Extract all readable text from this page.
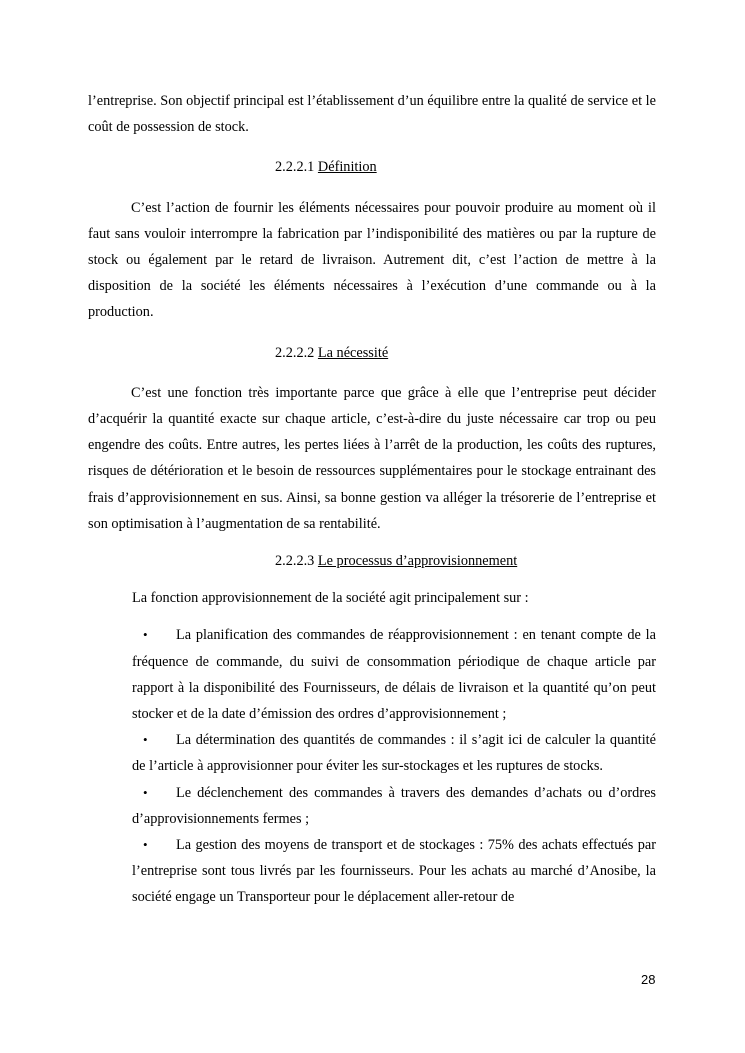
l’entreprise. Son objectif principal est l’établissement d’un équilibre entre la qualité de service et le coût de possession de stock.

2.2.2.1 Définition

C’est l’action de fournir les éléments nécessaires pour pouvoir produire au moment où il faut sans vouloir interrompre la fabrication par l’indisponibilité des matières ou par la rupture de stock ou également par le retard de livraison. Autrement dit, c’est l’action de mettre à la disposition de la société les éléments nécessaires à l’exécution d’une commande ou à la production.

2.2.2.2 La nécessité

C’est une fonction très importante parce que grâce à elle que l’entreprise peut décider d’acquérir la quantité exacte sur chaque article, c’est-à-dire du juste nécessaire car trop ou peu engendre des coûts. Entre autres, les pertes liées à l’arrêt de la production, les coûts des ruptures, risques de détérioration et le besoin de ressources supplémentaires pour le stockage entrainant des frais d’approvisionnement en sus. Ainsi, sa bonne gestion va alléger la trésorerie de l’entreprise et son optimisation à l’augmentation de sa rentabilité.

2.2.2.3 Le processus d’approvisionnement

La fonction approvisionnement de la société agit principalement sur :

• La planification des commandes de réapprovisionnement : en tenant compte de la fréquence de commande, du suivi de consommation périodique de chaque article par rapport à la disponibilité des Fournisseurs, de délais de livraison et la quantité qu’on peut stocker et de la date d’émission des ordres d’approvisionnement ;
• La détermination des quantités de commandes : il s’agit ici de calculer la quantité de l’article à approvisionner pour éviter les sur-stockages et les ruptures de stocks.
• Le déclenchement des commandes à travers des demandes d’achats ou d’ordres d’approvisionnements fermes ;
• La gestion des moyens de transport et de stockages : 75% des achats effectués par l’entreprise sont tous livrés par les fournisseurs. Pour les achats au marché d’Anosibe, la société engage un Transporteur pour le déplacement aller-retour de
28
